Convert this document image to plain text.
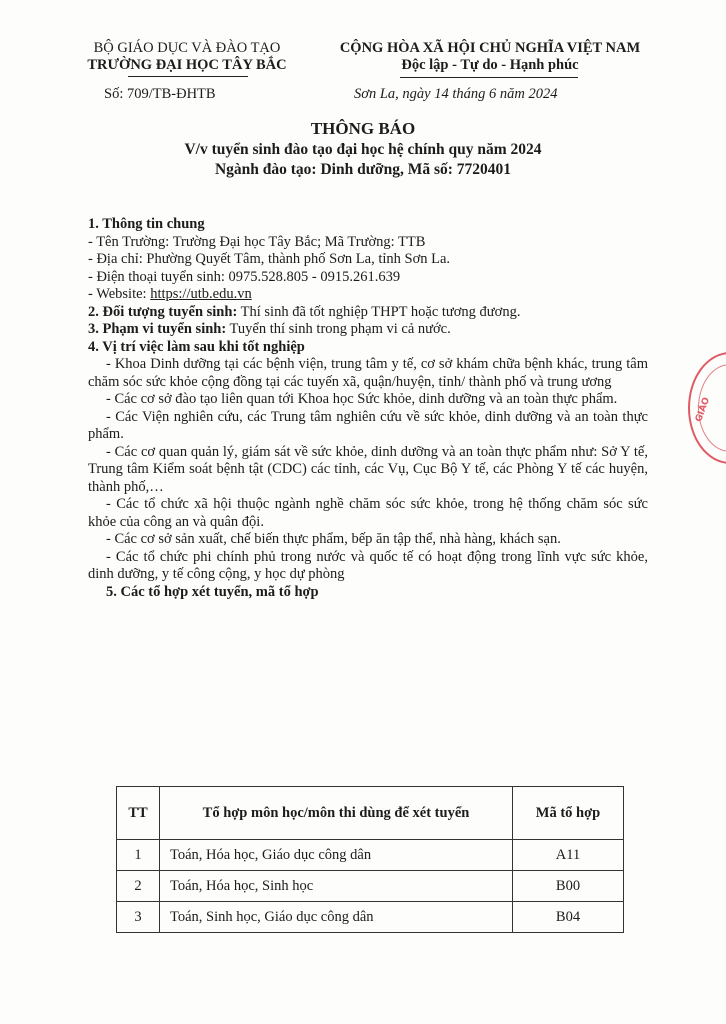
BỘ GIÁO DỤC VÀ ĐÀO TẠO
TRƯỜNG ĐẠI HỌC TÂY BẮC
Số: 709/TB-ĐHTB
CỘNG HÒA XÃ HỘI CHỦ NGHĨA VIỆT NAM
Độc lập - Tự do - Hạnh phúc
Sơn La, ngày 14 tháng 6 năm 2024
THÔNG BÁO
V/v tuyển sinh đào tạo đại học hệ chính quy năm 2024
Ngành đào tạo: Dinh dưỡng, Mã số: 7720401

1. Thông tin chung

- Tên Trường: Trường Đại học Tây Bắc; Mã Trường: TTB

- Địa chỉ: Phường Quyết Tâm, thành phố Sơn La, tỉnh Sơn La.

- Điện thoại tuyển sinh: 0975.528.805 - 0915.261.639

- Website: https://utb.edu.vn

2. Đối tượng tuyển sinh: Thí sinh đã tốt nghiệp THPT hoặc tương đương.

3. Phạm vi tuyển sinh: Tuyển thí sinh trong phạm vi cả nước.

4. Vị trí việc làm sau khi tốt nghiệp

- Khoa Dinh dưỡng tại các bệnh viện, trung tâm y tế, cơ sở khám chữa bệnh khác, trung tâm chăm sóc sức khỏe cộng đồng tại các tuyến xã, quận/huyện, tỉnh/ thành phố và trung ương

- Các cơ sở đào tạo liên quan tới Khoa học Sức khỏe, dinh dưỡng và an toàn thực phẩm.

- Các Viện nghiên cứu, các Trung tâm nghiên cứu về sức khỏe, dinh dưỡng và an toàn thực phẩm.

- Các cơ quan quản lý, giám sát về sức khỏe, dinh dưỡng và an toàn thực phẩm như: Sở Y tế, Trung tâm Kiểm soát bệnh tật (CDC) các tỉnh, các Vụ, Cục Bộ Y tế, các Phòng Y tế các huyện, thành phố,…

- Các tổ chức xã hội thuộc ngành nghề chăm sóc sức khỏe, trong hệ thống chăm sóc sức khỏe của công an và quân đội.

- Các cơ sở sản xuất, chế biến thực phẩm, bếp ăn tập thể, nhà hàng, khách sạn.

- Các tổ chức phi chính phủ trong nước và quốc tế có hoạt động trong lĩnh vực sức khỏe, dinh dưỡng, y tế công cộng, y học dự phòng

5. Các tổ hợp xét tuyển, mã tổ hợp

TT	Tổ hợp môn học/môn thi dùng để xét tuyển	Mã tổ hợp
1	Toán, Hóa học, Giáo dục công dân	A11
2	Toán, Hóa học, Sinh học	B00
3	Toán, Sinh học, Giáo dục công dân	B04
GIÁO
